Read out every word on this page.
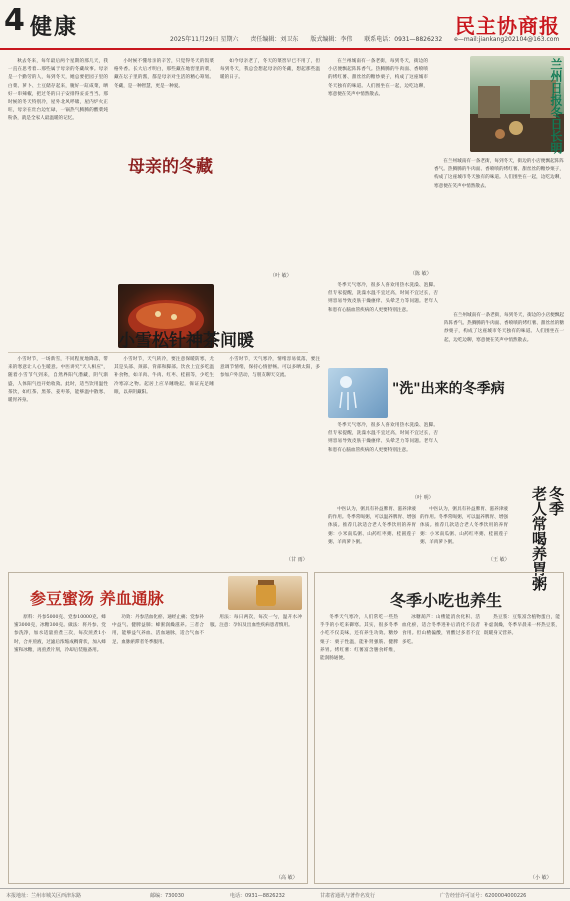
4 健康	民主协商报
2025年11月29日 星期六 责任编辑：刘卫东 版式编辑：李伟 联系电话：0931—8826232 e—mail:jiankang202104@163.com

秋去冬来，每年最后两个星期的那几天，我一直在思考着…那些属于母亲的冬藏故事。母亲是一个勤劳的人，每到冬天，她总要把园子里的白菜、萝卜、土豆储存起来，腌好一缸咸菜，晒好一串辣椒，把过冬的日子安排得妥妥当当。那时候的冬天特别冷，屋外北风呼啸，屋内炉火正旺，母亲在灶台边忙碌，一锅热气腾腾的酸菜炖粉条，就是全家人最温暖的记忆。

小时候不懂母亲的辛苦，只觉得冬天的饭菜格外香。长大后才明白，那些藏在地窖里的菜，藏在坛子里的酱，都是母亲对生活的精心筹划。冬藏，是一种智慧，更是一种爱。

如今母亲老了，冬天的菜窖早已不用了，但每到冬天，我总会想起母亲的冬藏，想起那些温暖的日子。

母亲的冬藏
（叶 敏）

在兰州城南有一条老街，每到冬天，街边的小店便飘起阵阵香气。热腾腾的牛肉面、香喷喷的烤红薯、甜丝丝的糖炒栗子，构成了这座城市冬天独有的味道。人们围坐在一起，边吃边聊，寒意便在笑声中悄然散去。

（陈 敏）
兰州日报冬日长明

在兰州城南有一条老街，每到冬天，街边的小店便飘起阵阵香气。热腾腾的牛肉面、香喷喷的烤红薯、甜丝丝的糖炒栗子，构成了这座城市冬天独有的味道。人们围坐在一起，边吃边聊，寒意便在笑声中悄然散去。

小雪松针神茶间暖

小雪时节，一场新雪，不同程度地降落，带来的寒意让人心生暖意。中医讲究"天人相应"，随着小雪节气到来，自然界阳气潜藏，阴气渐盛，人体阳气也开始收敛。此时，适当饮用温性茶饮，如红茶、黑茶、姜枣茶，能够温中散寒、暖胃养身。

小雪时节，天气转冷，要注意保暖防寒，尤其是头部、颈部、背部和脚部。饮食上宜多吃温补食物，如羊肉、牛肉、红枣、桂圆等，少吃生冷寒凉之物。起居上应早睡晚起，保证充足睡眠，以养阴藏阳。

小雪时节，天气寒冷，情绪容易低落，要注意调节情绪，保持心情舒畅。可以多晒太阳，多参加户外活动，与朋友聊天交流。

（甘 雨）

冬季天气寒冷，很多人喜欢用热水洗澡、泡脚。但专家提醒，洗澡水温不宜过高，时间不宜过长，否则容易导致皮肤干燥瘙痒、头晕乏力等问题。老年人和患有心脑血管疾病的人更要特别注意。

"洗"出来的冬季病

冬季天气寒冷，很多人喜欢用热水洗澡、泡脚。但专家提醒，洗澡水温不宜过高，时间不宜过长，否则容易导致皮肤干燥瘙痒、头晕乏力等问题。老年人和患有心脑血管疾病的人更要特别注意。

（叶 明）

在兰州城南有一条老街，每到冬天，街边的小店便飘起阵阵香气。热腾腾的牛肉面、香喷喷的烤红薯、甜丝丝的糖炒栗子，构成了这座城市冬天独有的味道。人们围坐在一起，边吃边聊，寒意便在笑声中悄然散去。

中医认为，粥具有补益脾胃、滋养津液的作用。冬季常喝粥，可以温养脾胃、增强体质。推荐几款适合老人冬季饮用的养胃粥：小米南瓜粥、山药红枣粥、桂圆莲子粥、羊肉萝卜粥。

中医认为，粥具有补益脾胃、滋养津液的作用。冬季常喝粥，可以温养脾胃、增强体质。推荐几款适合老人冬季饮用的养胃粥：小米南瓜粥、山药红枣粥、桂圆莲子粥、羊肉萝卜粥。

冬季
老人常喝养胃粥
（王 敏）
参豆蜜汤 养血通脉

原料：丹参5000克、党参10000克、蜂蜜3000克，冰糖300克。做法：将丹参、党参洗净，加水适量煎煮三次，每次煎煮1小时，合并煎液，过滤后浓缩成稠膏状，加入蜂蜜和冰糖，再煎煮片刻，冷却后装瓶备用。

功效：丹参活血化瘀、通经止痛；党参补中益气、健脾益肺；蜂蜜润燥滋养。三者合用，能够益气养血、活血通脉，适合气血不足、血脉瘀滞者冬季服用。

用法：每日两次，每次一勺，温开水冲服。注意：孕妇及出血性疾病患者慎用。

（高 敏）
冬季小吃也养生

冬季天气寒冷，人们常吃一些热乎乎的小吃来御寒。其实，很多冬季小吃不仅美味，还有养生功效。糖炒栗子：栗子性温，能补肾强筋、健脾养胃。烤红薯：红薯富含膳食纤维，能润肠通便。

冰糖葫芦：山楂能消食化积、活血化瘀，适合冬季进补后消化不良者食用。但山楂偏酸，胃酸过多者不宜多吃。

热豆浆：豆浆富含植物蛋白，能补虚润燥，冬季早晨来一杯热豆浆，既暖身又营养。

（小 敏）
本报地址：兰州市城关区西津东路	邮编：730030	电话：0931—8826232	甘肃省通讯与著作名发行	广告经营许可证号：6200004000226
